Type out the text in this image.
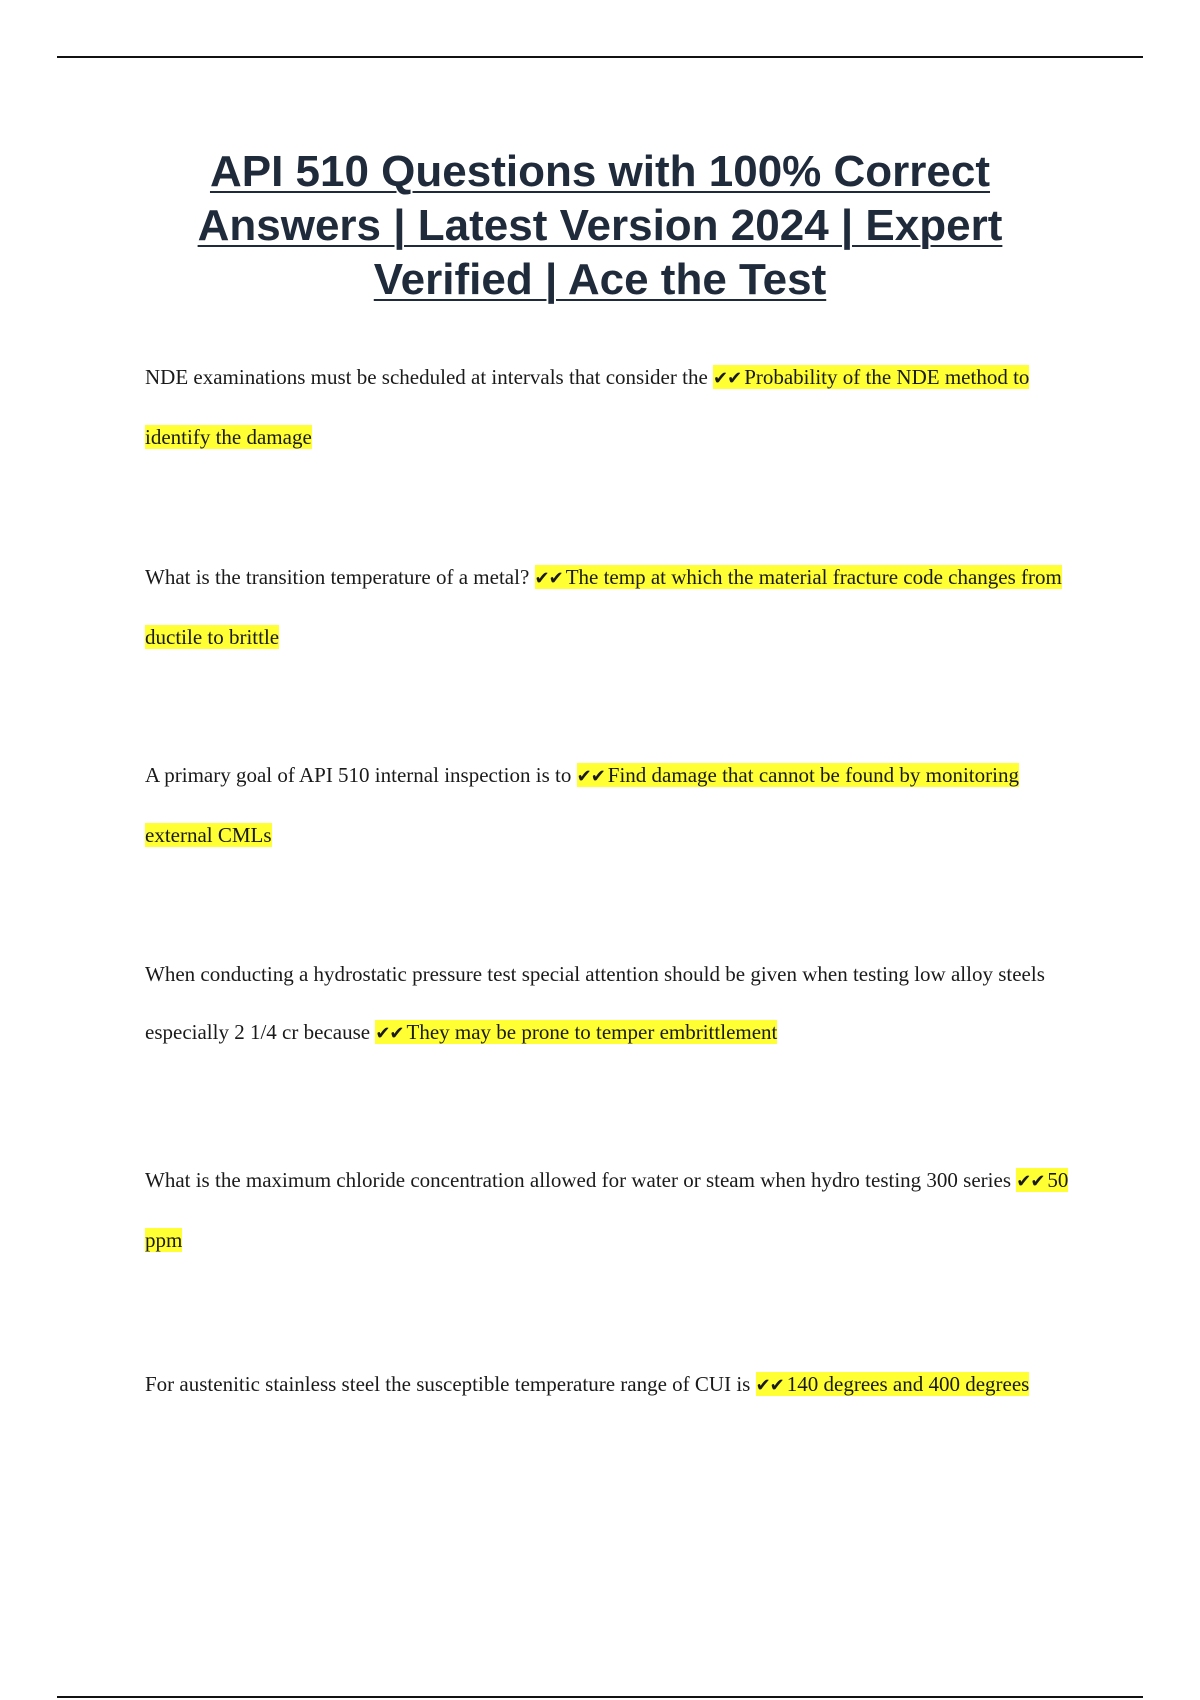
API 510 Questions with 100% Correct Answers | Latest Version 2024 | Expert Verified | Ace the Test

NDE examinations must be scheduled at intervals that consider the ✔✔ Probability of the NDE method to identify the damage

What is the transition temperature of a metal? ✔✔ The temp at which the material fracture code changes from ductile to brittle

A primary goal of API 510 internal inspection is to ✔✔ Find damage that cannot be found by monitoring external CMLs

When conducting a hydrostatic pressure test special attention should be given when testing low alloy steels especially 2 1/4 cr because ✔✔ They may be prone to temper embrittlement

What is the maximum chloride concentration allowed for water or steam when hydro testing 300 series ✔✔ 50 ppm

For austenitic stainless steel the susceptible temperature range of CUI is ✔✔ 140 degrees and 400 degrees
